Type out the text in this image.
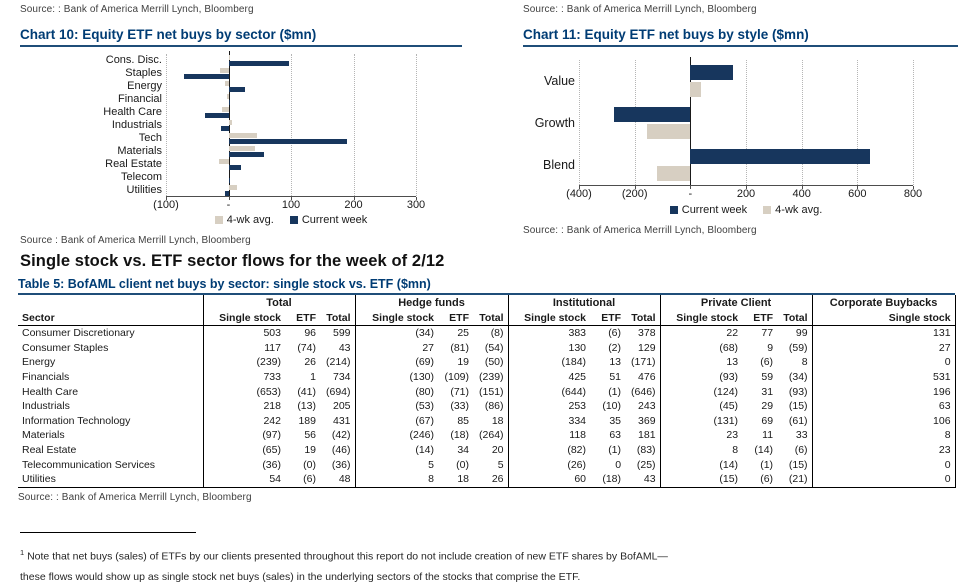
Source: : Bank of America Merrill Lynch, Bloomberg	Source: : Bank of America Merrill Lynch, Bloomberg
Chart 10: Equity ETF net buys by sector ($mn)
Cons. Disc.
Staples
Energy
Financial
Health Care
Industrials
Tech
Materials
Real Estate
Telecom
Utilities
(100)	-	100	200	300
4-wk avg.	Current week
Source : Bank of America Merrill Lynch, Bloomberg
Chart 11: Equity ETF net buys by style ($mn)
Value
Growth
Blend
(400)	(200)	-	200	400	600	800
Current week	4-wk avg.
Source: : Bank of America Merrill Lynch, Bloomberg
Single stock vs. ETF sector flows for the week of 2/12
Table 5: BofAML client net buys by sector: single stock vs. ETF ($mn)
	Total			Hedge funds			Institutional			Private Client			Corporate Buybacks
Sector	Single stock	ETF	Total	Single stock	ETF	Total	Single stock	ETF	Total	Single stock	ETF	Total	Single stock
Consumer Discretionary	503	96	599	(34)	25	(8)	383	(6)	378	22	77	99	131
Consumer Staples	117	(74)	43	27	(81)	(54)	130	(2)	129	(68)	9	(59)	27
Energy	(239)	26	(214)	(69)	19	(50)	(184)	13	(171)	13	(6)	8	0
Financials	733	1	734	(130)	(109)	(239)	425	51	476	(93)	59	(34)	531
Health Care	(653)	(41)	(694)	(80)	(71)	(151)	(644)	(1)	(646)	(124)	31	(93)	196
Industrials	218	(13)	205	(53)	(33)	(86)	253	(10)	243	(45)	29	(15)	63
Information Technology	242	189	431	(67)	85	18	334	35	369	(131)	69	(61)	106
Materials	(97)	56	(42)	(246)	(18)	(264)	118	63	181	23	11	33	8
Real Estate	(65)	19	(46)	(14)	34	20	(82)	(1)	(83)	8	(14)	(6)	23
Telecommunication Services	(36)	(0)	(36)	5	(0)	5	(26)	0	(25)	(14)	(1)	(15)	0
Utilities	54	(6)	48	8	18	26	60	(18)	43	(15)	(6)	(21)	0
Source: : Bank of America Merrill Lynch, Bloomberg
$^1$ Note that net buys (sales) of ETFs by our clients presented throughout this report do not include creation of new ETF shares by BofAML—
these flows would show up as single stock net buys (sales) in the underlying sectors of the stocks that comprise the ETF.
